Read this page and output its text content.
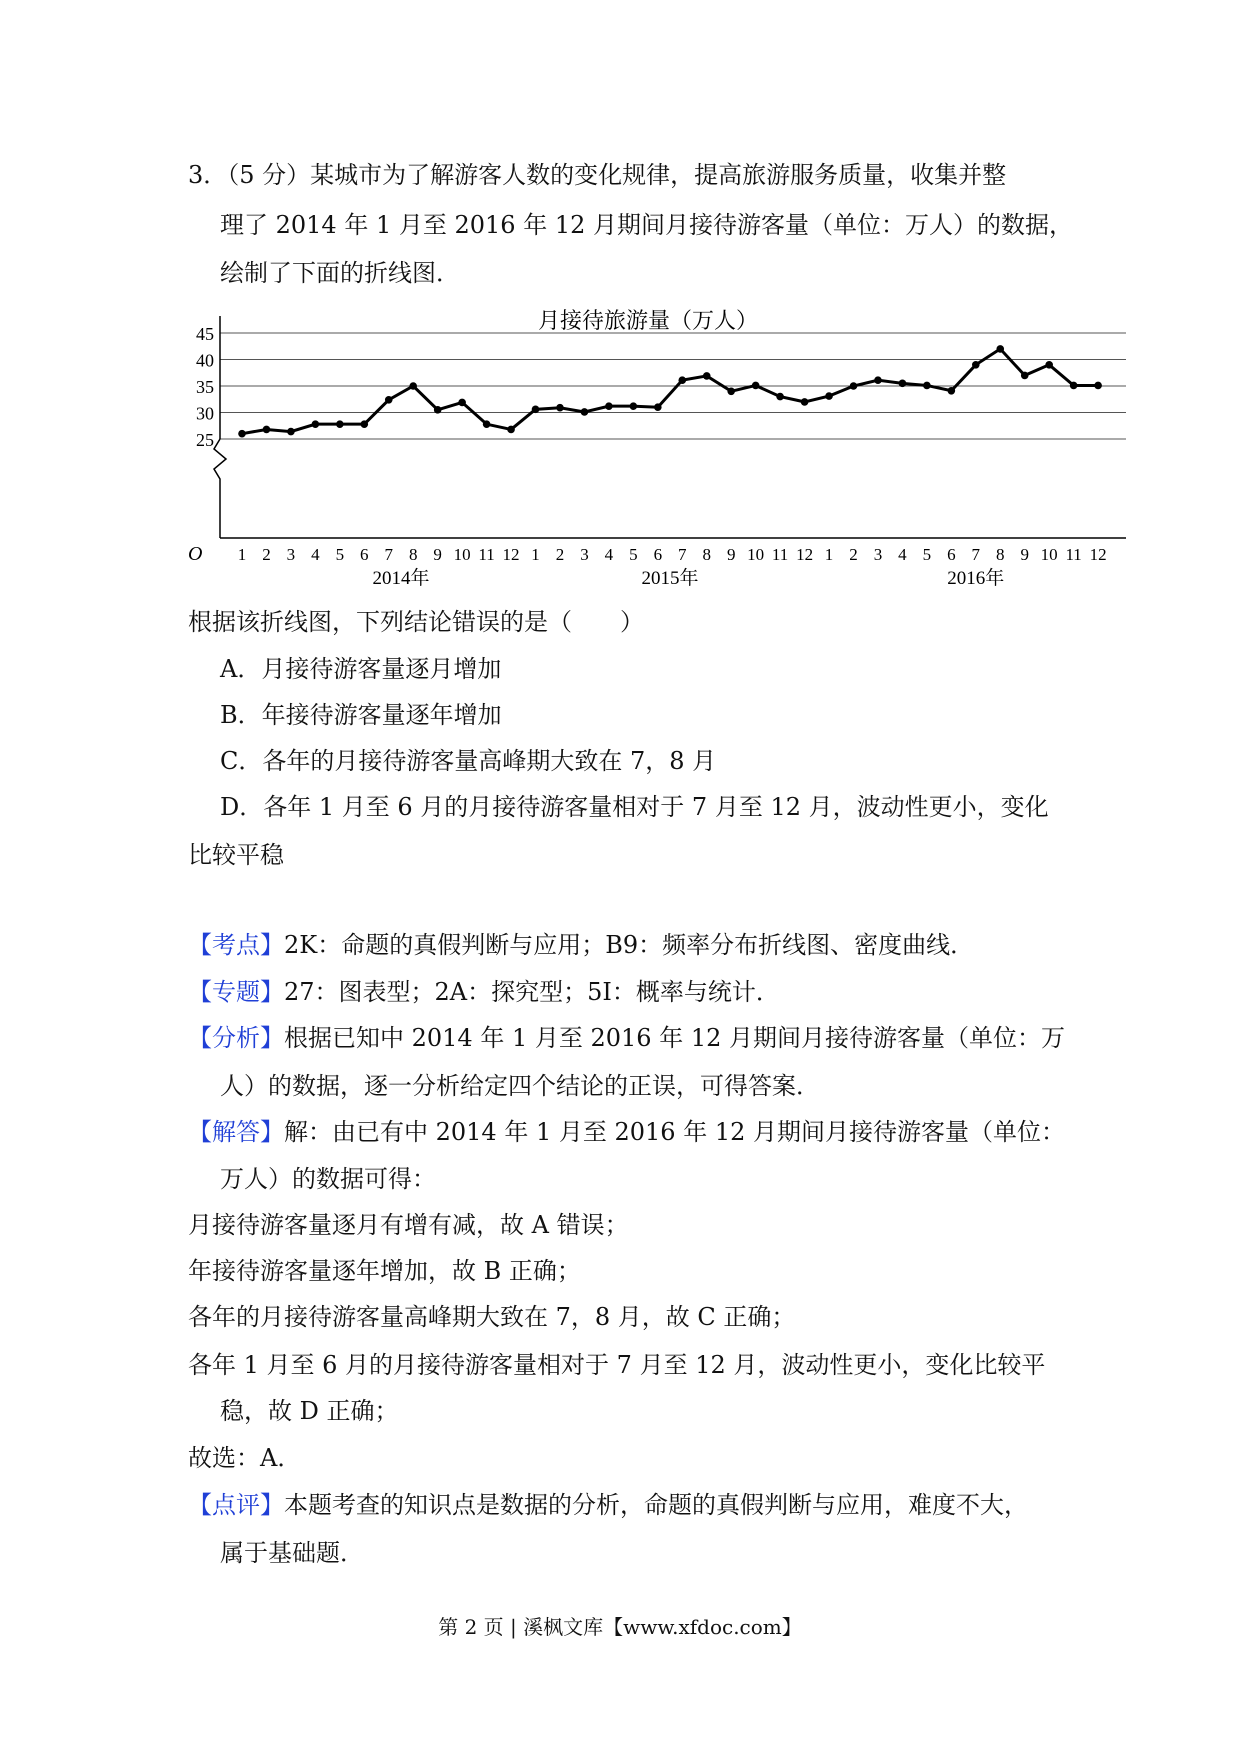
3．（5 分）某城市为了解游客人数的变化规律，提高旅游服务质量，收集并整
理了 2014 年 1 月至 2016 年 12 月期间月接待游客量（单位：万人）的数据，
绘制了下面的折线图．
月接待旅游量（万人）
25
30
35
40
45
1 2 3 4 5 6 7 8 9 10 11 12 1 2 3 4 5 6 7 8 9 10 11 12 1 2 3 4 5 6 7 8 9 10 11 12
2014年	2015年	2016年
O
根据该折线图，下列结论错误的是（　　）
A．月接待游客量逐月增加
B．年接待游客量逐年增加
C．各年的月接待游客量高峰期大致在 7，8 月
D．各年 1 月至 6 月的月接待游客量相对于 7 月至 12 月，波动性更小，变化
比较平稳
【考点】2K：命题的真假判断与应用；B9：频率分布折线图、密度曲线．
【专题】27：图表型；2A：探究型；5I：概率与统计．
【分析】根据已知中 2014 年 1 月至 2016 年 12 月期间月接待游客量（单位：万
人）的数据，逐一分析给定四个结论的正误，可得答案．
【解答】解：由已有中 2014 年 1 月至 2016 年 12 月期间月接待游客量（单位：
万人）的数据可得：
月接待游客量逐月有增有减，故 A 错误；
年接待游客量逐年增加，故 B 正确；
各年的月接待游客量高峰期大致在 7，8 月，故 C 正确；
各年 1 月至 6 月的月接待游客量相对于 7 月至 12 月，波动性更小，变化比较平
稳，故 D 正确；
故选：A．
【点评】本题考查的知识点是数据的分析，命题的真假判断与应用，难度不大，
属于基础题．
第 2 页 | 溪枫文库【www.xfdoc.com】
